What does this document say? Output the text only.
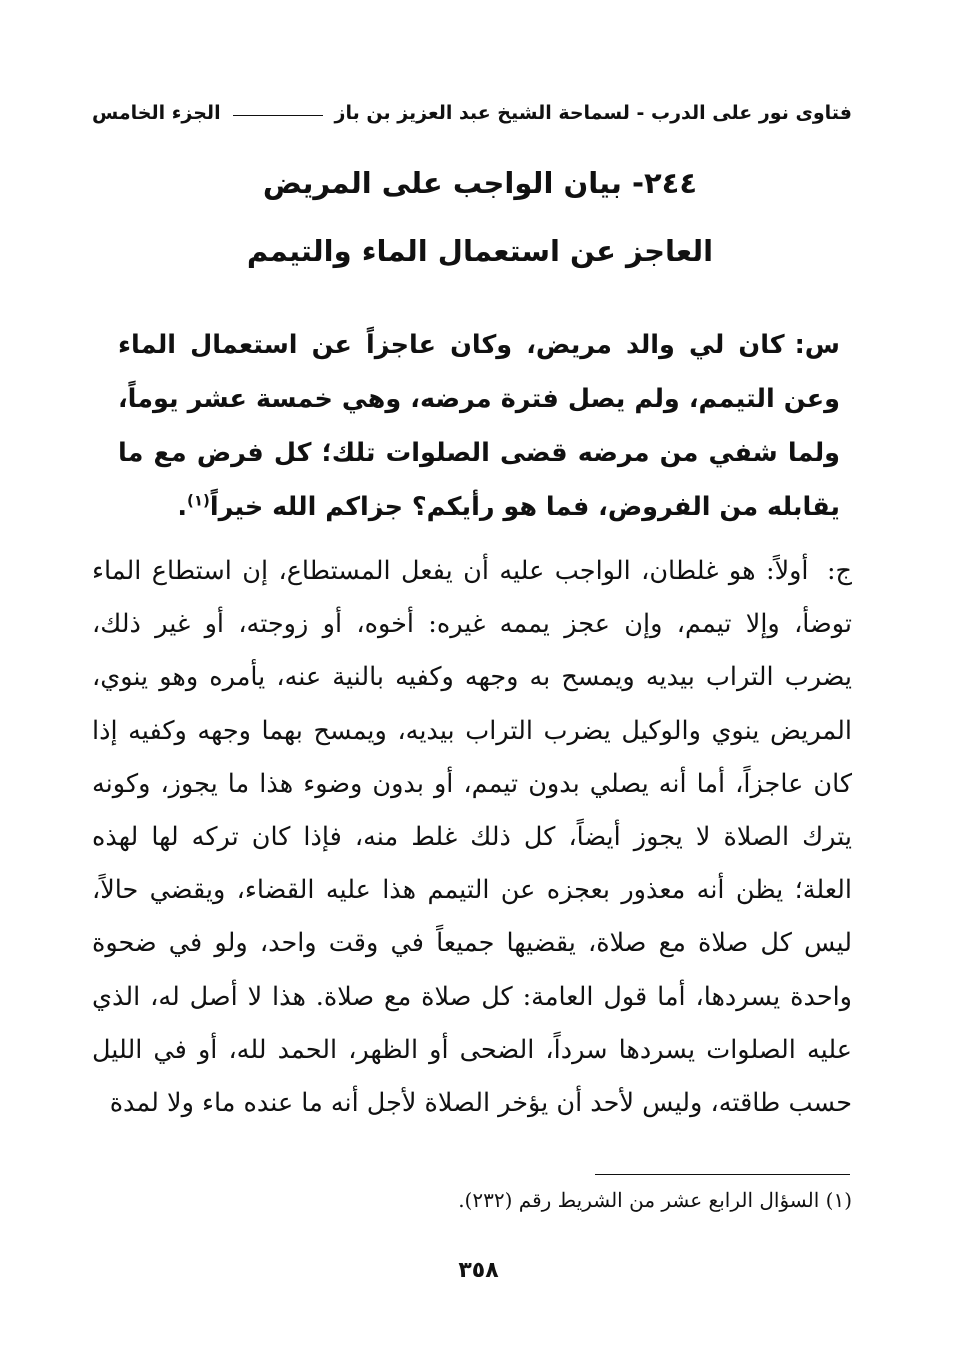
فتاوى نور على الدرب - لسماحة الشيخ عبد العزيز بن باز
الجزء الخامس
٢٤٤- بيان الواجب على المريض
العاجز عن استعمال الماء والتيمم
س:كان لي والد مريض، وكان عاجزاً عن استعمال الماء وعن التيمم، ولم يصل فترة مرضه، وهي خمسة عشر يوماً، ولما شفي من مرضه قضى الصلوات تلك؛ كل فرض مع ما يقابله من الفروض، فما هو رأيكم؟ جزاكم الله خيراً$^{(١)}$.
ج: أولاً: هو غلطان، الواجب عليه أن يفعل المستطاع، إن استطاع الماء توضأ، وإلا تيمم، وإن عجز يممه غيره: أخوه، أو زوجته، أو غير ذلك، يضرب التراب بيديه ويمسح به وجهه وكفيه بالنية عنه، يأمره وهو ينوي، المريض ينوي والوكيل يضرب التراب بيديه، ويمسح بهما وجهه وكفيه إذا كان عاجزاً، أما أنه يصلي بدون تيمم، أو بدون وضوء هذا ما يجوز، وكونه يترك الصلاة لا يجوز أيضاً، كل ذلك غلط منه، فإذا كان تركه لها لهذه العلة؛ يظن أنه معذور بعجزه عن التيمم هذا عليه القضاء، ويقضي حالاً، ليس كل صلاة مع صلاة، يقضيها جميعاً في وقت واحد، ولو في ضحوة واحدة يسردها، أما قول العامة: كل صلاة مع صلاة. هذا لا أصل له، الذي عليه الصلوات يسردها سرداً، الضحى أو الظهر، الحمد لله، أو في الليل حسب طاقته، وليس لأحد أن يؤخر الصلاة لأجل أنه ما عنده ماء ولا لمدة
(١) السؤال الرابع عشر من الشريط رقم (٢٣٢).
٣٥٨
